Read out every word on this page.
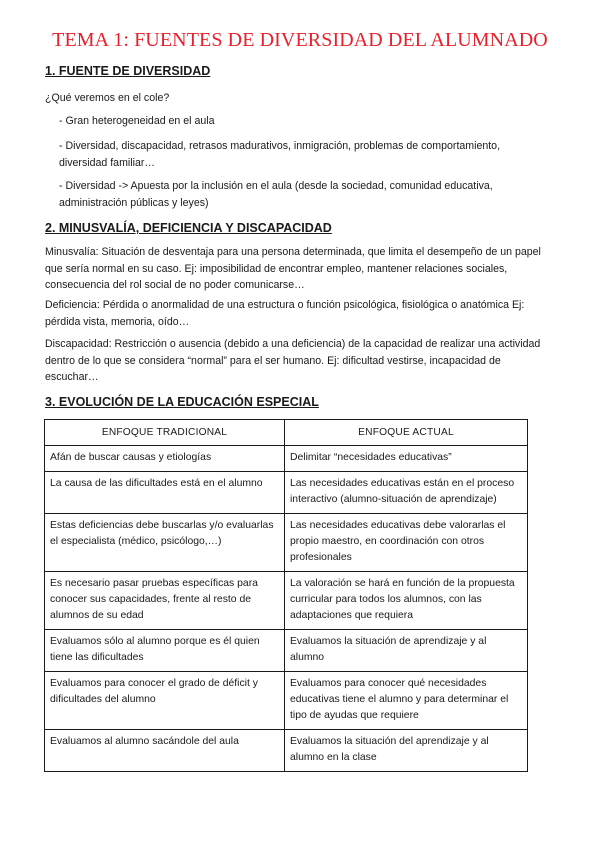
TEMA 1: FUENTES DE DIVERSIDAD DEL ALUMNADO
1. FUENTE DE DIVERSIDAD
¿Qué veremos en el cole?
- Gran heterogeneidad en el aula
- Diversidad, discapacidad, retrasos madurativos, inmigración, problemas de comportamiento, diversidad familiar…
- Diversidad -> Apuesta por la inclusión en el aula (desde la sociedad, comunidad educativa, administración públicas y leyes)
2. MINUSVALÍA, DEFICIENCIA Y DISCAPACIDAD
Minusvalía: Situación de desventaja para una persona determinada, que limita el desempeño de un papel que sería normal en su caso. Ej: imposibilidad de encontrar empleo, mantener relaciones sociales, consecuencia del rol social de no poder comunicarse…
Deficiencia: Pérdida o anormalidad de una estructura o función psicológica, fisiológica o anatómica Ej: pérdida vista, memoria, oído…
Discapacidad: Restricción o ausencia (debido a una deficiencia) de la capacidad de realizar una actividad dentro de lo que se considera “normal” para el ser humano. Ej: dificultad vestirse, incapacidad de escuchar…
3. EVOLUCIÓN DE LA EDUCACIÓN ESPECIAL
ENFOQUE TRADICIONAL	ENFOQUE ACTUAL
Afán de buscar causas y etiologías	Delimitar “necesidades educativas”
La causa de las dificultades está en el alumno	Las necesidades educativas están en el proceso interactivo (alumno-situación de aprendizaje)
Estas deficiencias debe buscarlas y/o evaluarlas el especialista (médico, psicólogo,…)	Las necesidades educativas debe valorarlas el propio maestro, en coordinación con otros profesionales
Es necesario pasar pruebas específicas para conocer sus capacidades, frente al resto de alumnos de su edad	La valoración se hará en función de la propuesta curricular para todos los alumnos, con las adaptaciones que requiera
Evaluamos sólo al alumno porque es él quien tiene las dificultades	Evaluamos la situación de aprendizaje y al alumno
Evaluamos para conocer el grado de déficit y dificultades del alumno	Evaluamos para conocer qué necesidades educativas tiene el alumno y para determinar el tipo de ayudas que requiere
Evaluamos al alumno sacándole del aula	Evaluamos la situación del aprendizaje y al alumno en la clase
